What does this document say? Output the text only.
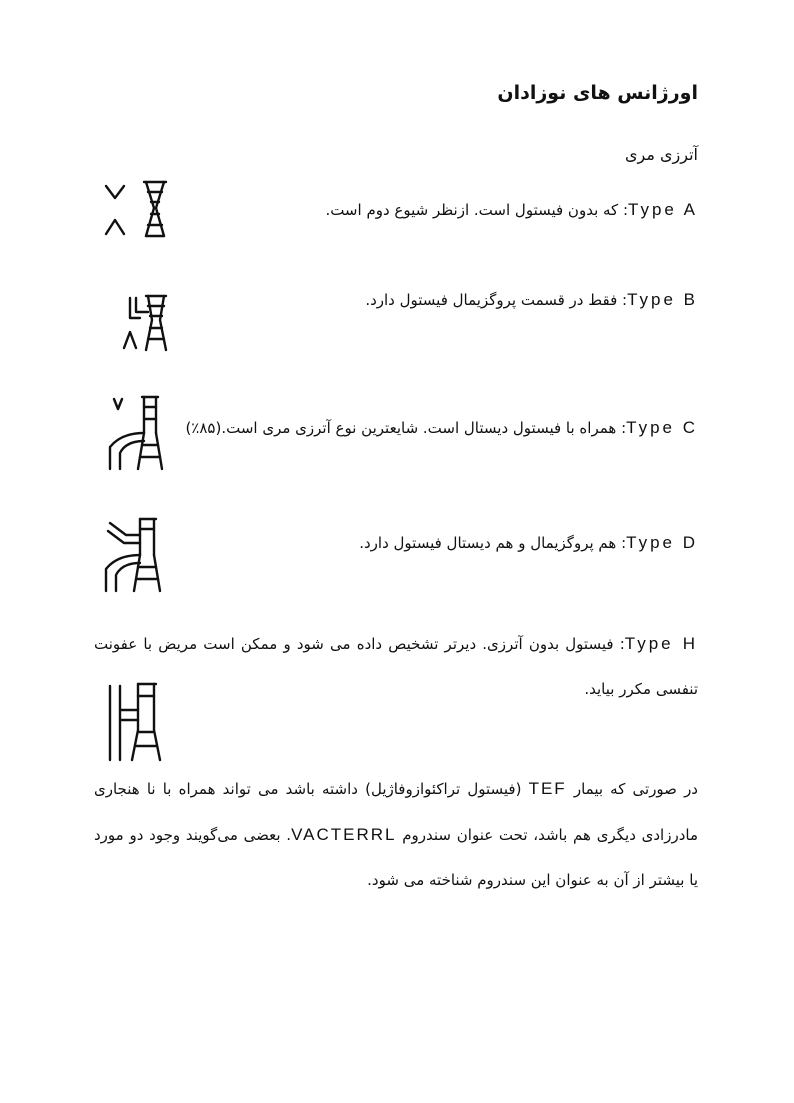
اورژانس های نوزادان
آترزی مری
Type A: که بدون فیستول است. ازنظر شیوع دوم است.
Type B: فقط در قسمت پروگزیمال فیستول دارد.
Type C: همراه با فیستول دیستال است. شایعترین نوع آترزی مری است.(۸۵٪)
Type D: هم پروگزیمال و هم دیستال فیستول دارد.
Type H: فیستول بدون آترزی. دیرتر تشخیص داده می شود و ممکن است مریض با عفونت تنفسی مکرر بیاید.
در صورتی که بیمار TEF (فیستول تراکئوازوفاژیل) داشته باشد می تواند همراه با نا هنجاری مادرزادی دیگری هم باشد، تحت عنوان سندروم VACTERRL. بعضی می‌گویند وجود دو مورد یا بیشتر از آن به عنوان این سندروم شناخته می شود.
